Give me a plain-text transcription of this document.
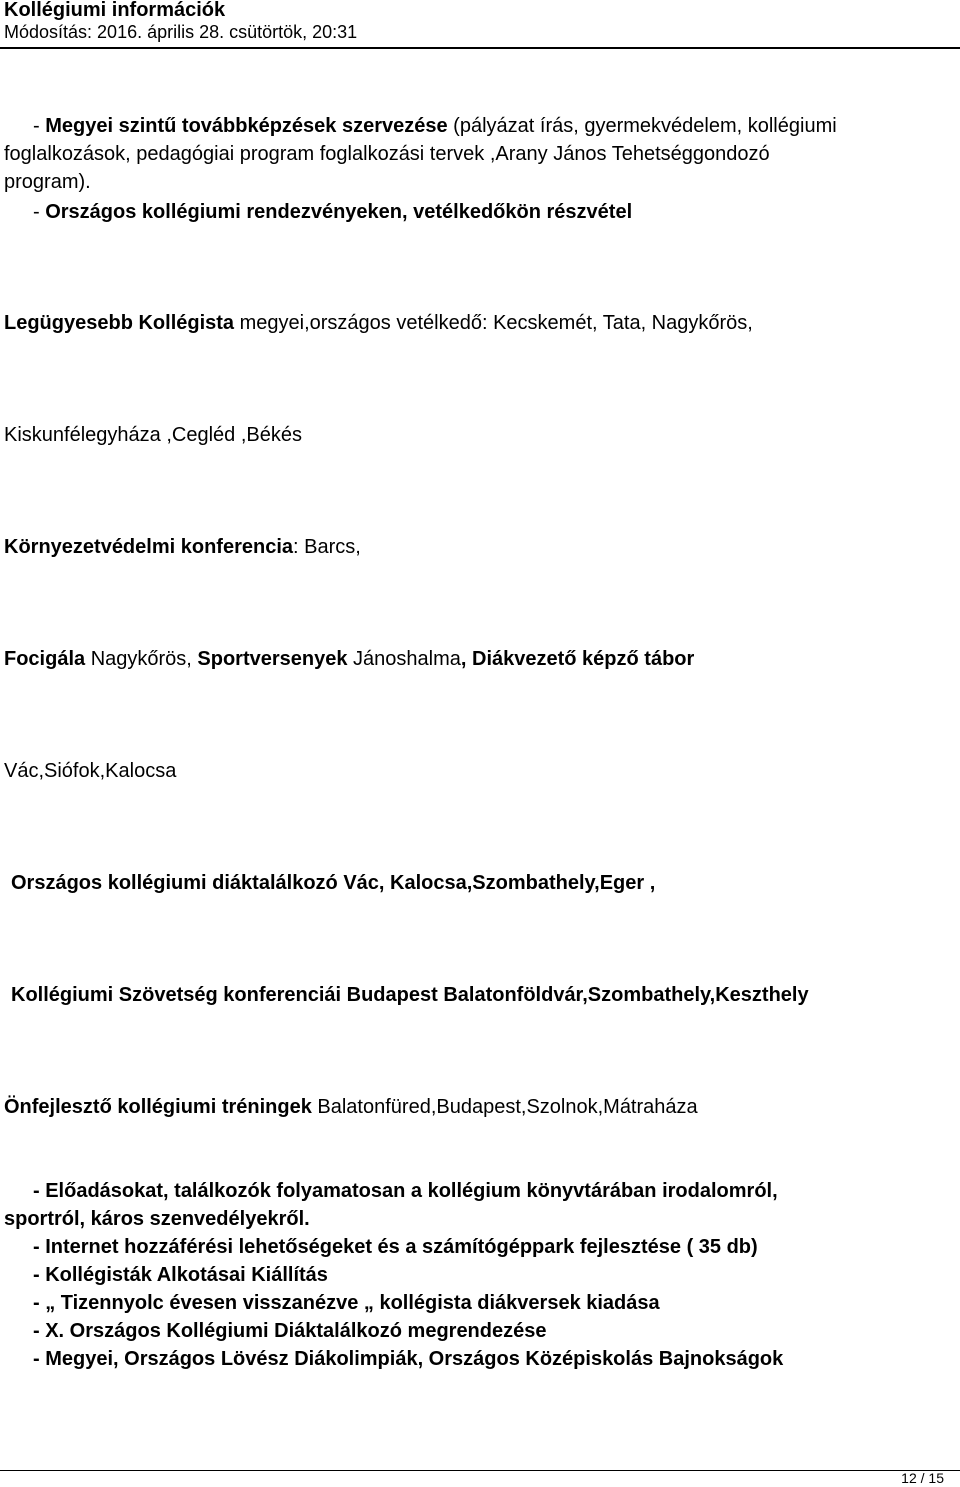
Kollégiumi információk
Módosítás: 2016. április 28. csütörtök, 20:31
- Megyei szintű továbbképzések szervezése (pályázat írás, gyermekvédelem, kollégiumi
foglalkozások, pedagógiai program foglalkozási tervek ,Arany János Tehetséggondozó
program).
- Országos kollégiumi rendezvényeken, vetélkedőkön részvétel
Legügyesebb Kollégista megyei,országos vetélkedő: Kecskemét, Tata, Nagykőrös,
Kiskunfélegyháza ,Cegléd ,Békés
Környezetvédelmi konferencia: Barcs,
Focigála Nagykőrös, Sportversenyek Jánoshalma, Diákvezető képző tábor
Vác,Siófok,Kalocsa
Országos kollégiumi diáktalálkozó Vác, Kalocsa,Szombathely,Eger ,
Kollégiumi Szövetség konferenciái Budapest Balatonföldvár,Szombathely,Keszthely
Önfejlesztő kollégiumi tréningek Balatonfüred,Budapest,Szolnok,Mátraháza
- Előadásokat, találkozók folyamatosan a kollégium könyvtárában irodalomról,
sportról, káros szenvedélyekről.
- Internet hozzáférési lehetőségeket és a számítógéppark fejlesztése ( 35 db)
- Kollégisták Alkotásai Kiállítás
- „ Tizennyolc évesen visszanézve „ kollégista diákversek kiadása
- X. Országos Kollégiumi Diáktalálkozó megrendezése
- Megyei, Országos Lövész Diákolimpiák, Országos Középiskolás Bajnokságok
12 / 15
